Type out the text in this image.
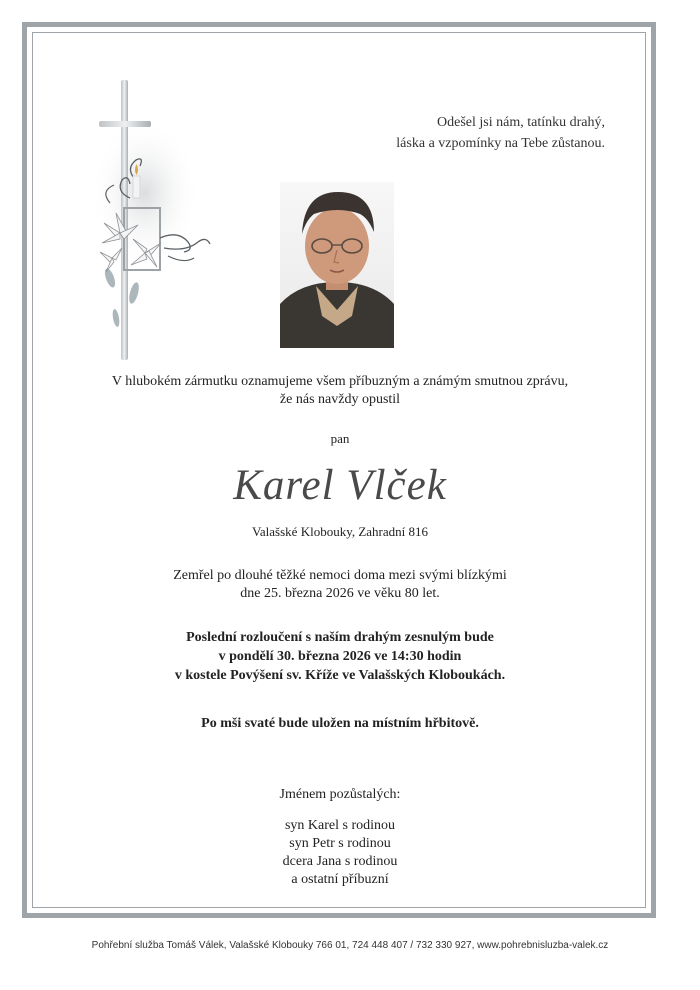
Odešel jsi nám, tatínku drahý,
láska a vzpomínky na Tebe zůstanou.
V hlubokém zármutku oznamujeme všem příbuzným a známým smutnou zprávu,
že nás navždy opustil
pan
Karel Vlček
Valašské Klobouky, Zahradní 816
Zemřel po dlouhé těžké nemoci doma mezi svými blízkými
dne 25. března 2026 ve věku 80 let.
Poslední rozloučení s naším drahým zesnulým bude
v pondělí 30. března 2026 ve 14:30 hodin
v kostele Povýšení sv. Kříže ve Valašských Kloboukách.
Po mši svaté bude uložen na místním hřbitově.
Jménem pozůstalých:
syn Karel s rodinou
syn Petr s rodinou
dcera Jana s rodinou
a ostatní příbuzní
Pohřební služba Tomáš Válek, Valašské Klobouky 766 01, 724 448 407 / 732 330 927, www.pohrebnisluzba-valek.cz
